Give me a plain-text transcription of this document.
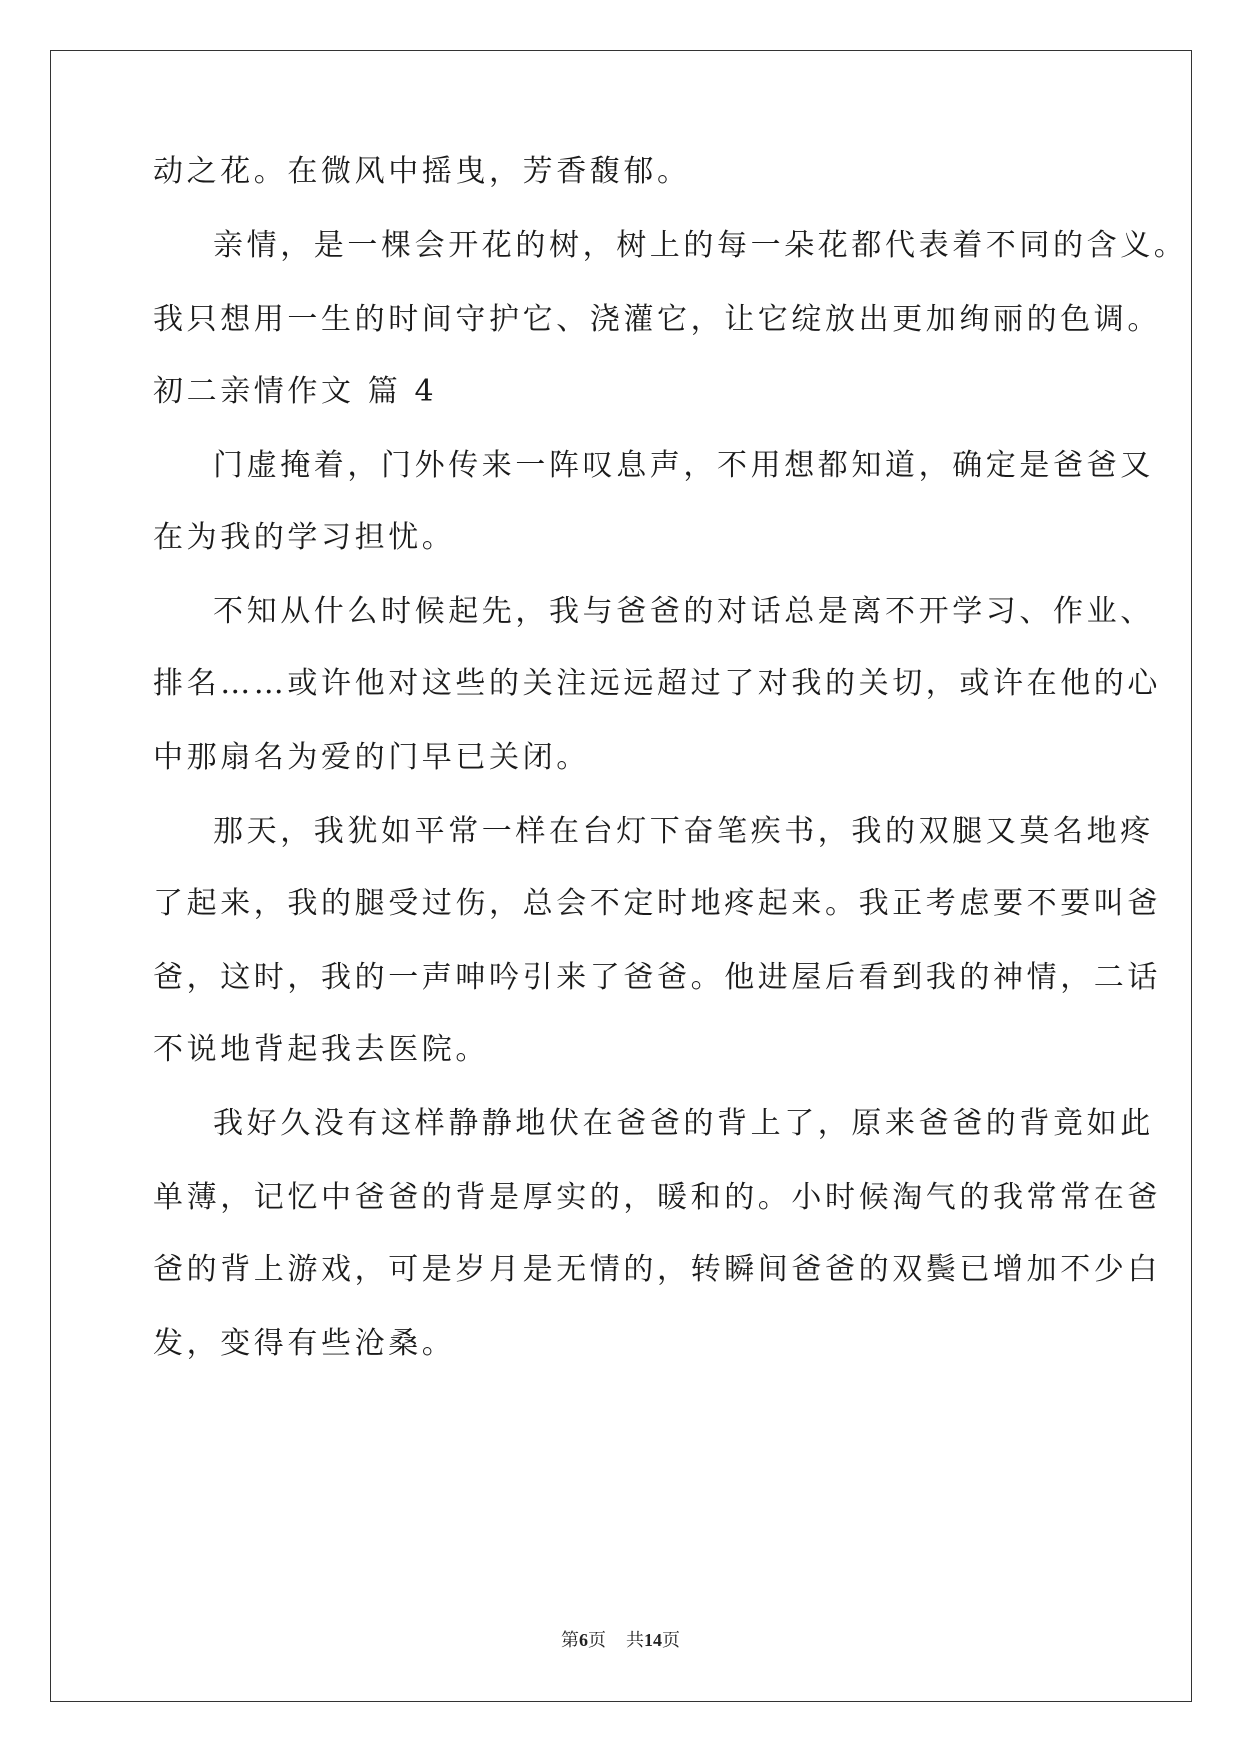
动之花。在微风中摇曳，芳香馥郁。
亲情，是一棵会开花的树，树上的每一朵花都代表着不同的含义。
我只想用一生的时间守护它、浇灌它，让它绽放出更加绚丽的色调。
初二亲情作文 篇 4
门虚掩着，门外传来一阵叹息声，不用想都知道，确定是爸爸又
在为我的学习担忧。
不知从什么时候起先，我与爸爸的对话总是离不开学习、作业、
排名……或许他对这些的关注远远超过了对我的关切，或许在他的心
中那扇名为爱的门早已关闭。
那天，我犹如平常一样在台灯下奋笔疾书，我的双腿又莫名地疼
了起来，我的腿受过伤，总会不定时地疼起来。我正考虑要不要叫爸
爸，这时，我的一声呻吟引来了爸爸。他进屋后看到我的神情，二话
不说地背起我去医院。
我好久没有这样静静地伏在爸爸的背上了，原来爸爸的背竟如此
单薄，记忆中爸爸的背是厚实的，暖和的。小时候淘气的我常常在爸
爸的背上游戏，可是岁月是无情的，转瞬间爸爸的双鬓已增加不少白
发，变得有些沧桑。
第6页 共14页
